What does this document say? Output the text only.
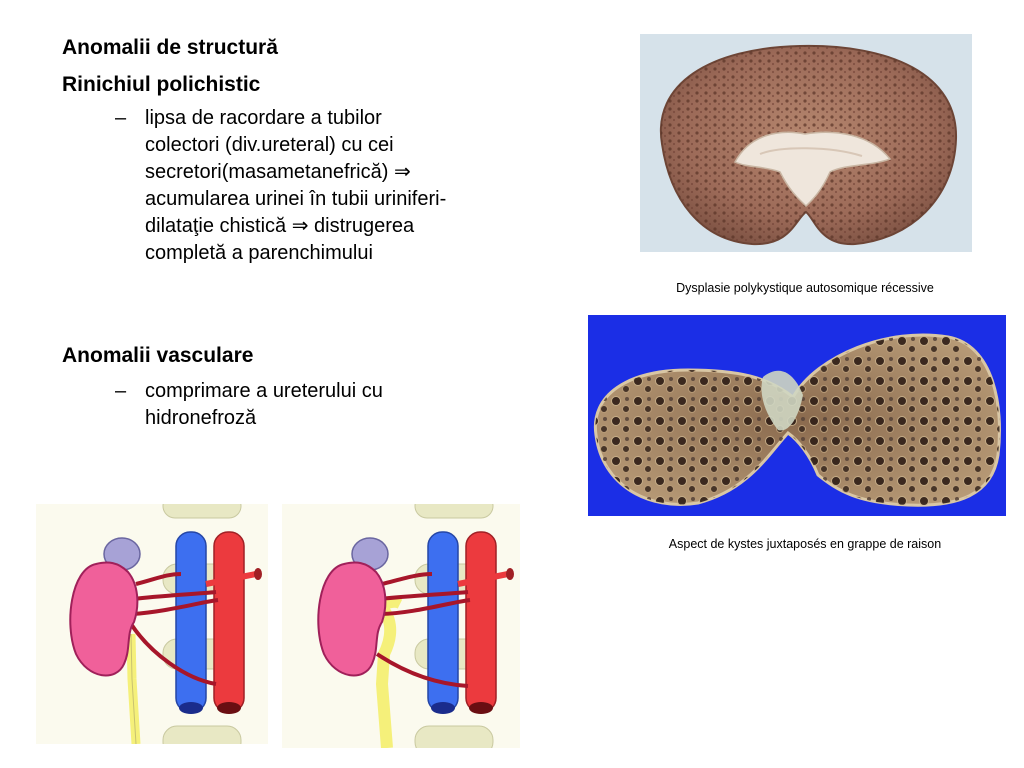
Anomalii de structură
Rinichiul polichistic
– lipsa de racordare a tubilor
colectori (div.ureteral) cu cei
secretori(masametanefrică) ⇒
acumularea urinei în tubii uriniferi-
dilataţie chistică ⇒ distrugerea
completă a parenchimului
Anomalii vasculare
– comprimare a ureterului cu
hidronefroză
Dysplasie polykystique autosomique récessive
Aspect de kystes juxtaposés en grappe de raison
